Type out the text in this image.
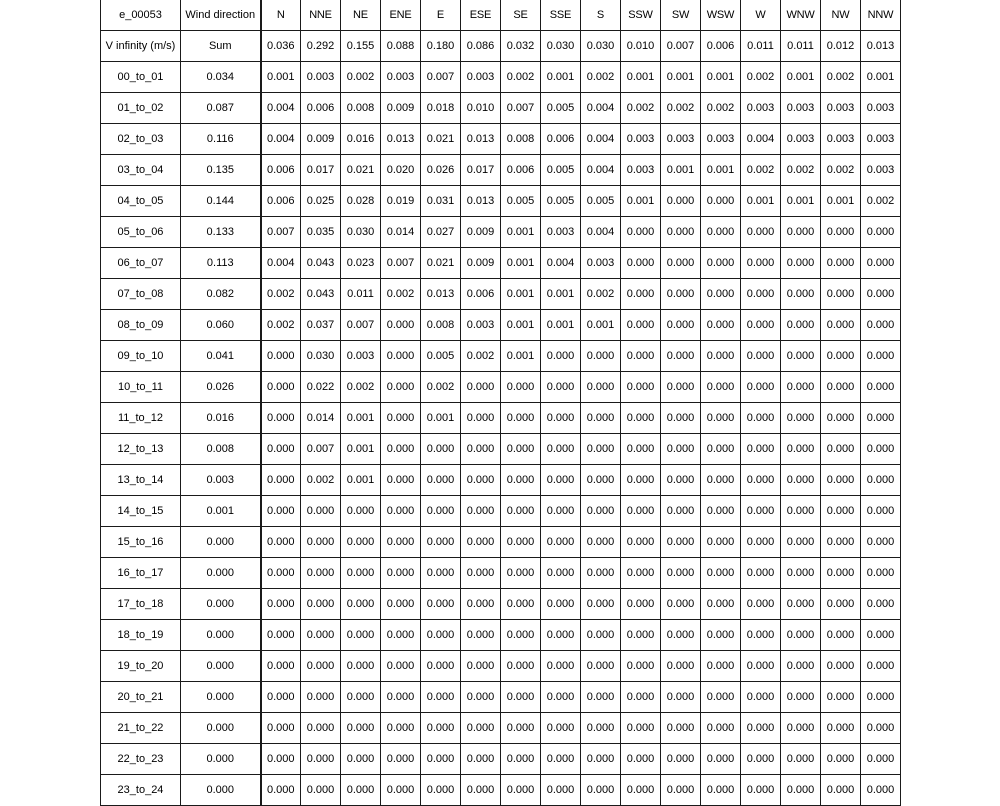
e_00053	Wind direction	N	NNE	NE	ENE	E	ESE	SE	SSE	S	SSW	SW	WSW	W	WNW	NW	NNW
V infinity (m/s)	Sum	0.036	0.292	0.155	0.088	0.180	0.086	0.032	0.030	0.030	0.010	0.007	0.006	0.011	0.011	0.012	0.013
00_to_01	0.034	0.001	0.003	0.002	0.003	0.007	0.003	0.002	0.001	0.002	0.001	0.001	0.001	0.002	0.001	0.002	0.001
01_to_02	0.087	0.004	0.006	0.008	0.009	0.018	0.010	0.007	0.005	0.004	0.002	0.002	0.002	0.003	0.003	0.003	0.003
02_to_03	0.116	0.004	0.009	0.016	0.013	0.021	0.013	0.008	0.006	0.004	0.003	0.003	0.003	0.004	0.003	0.003	0.003
03_to_04	0.135	0.006	0.017	0.021	0.020	0.026	0.017	0.006	0.005	0.004	0.003	0.001	0.001	0.002	0.002	0.002	0.003
04_to_05	0.144	0.006	0.025	0.028	0.019	0.031	0.013	0.005	0.005	0.005	0.001	0.000	0.000	0.001	0.001	0.001	0.002
05_to_06	0.133	0.007	0.035	0.030	0.014	0.027	0.009	0.001	0.003	0.004	0.000	0.000	0.000	0.000	0.000	0.000	0.000
06_to_07	0.113	0.004	0.043	0.023	0.007	0.021	0.009	0.001	0.004	0.003	0.000	0.000	0.000	0.000	0.000	0.000	0.000
07_to_08	0.082	0.002	0.043	0.011	0.002	0.013	0.006	0.001	0.001	0.002	0.000	0.000	0.000	0.000	0.000	0.000	0.000
08_to_09	0.060	0.002	0.037	0.007	0.000	0.008	0.003	0.001	0.001	0.001	0.000	0.000	0.000	0.000	0.000	0.000	0.000
09_to_10	0.041	0.000	0.030	0.003	0.000	0.005	0.002	0.001	0.000	0.000	0.000	0.000	0.000	0.000	0.000	0.000	0.000
10_to_11	0.026	0.000	0.022	0.002	0.000	0.002	0.000	0.000	0.000	0.000	0.000	0.000	0.000	0.000	0.000	0.000	0.000
11_to_12	0.016	0.000	0.014	0.001	0.000	0.001	0.000	0.000	0.000	0.000	0.000	0.000	0.000	0.000	0.000	0.000	0.000
12_to_13	0.008	0.000	0.007	0.001	0.000	0.000	0.000	0.000	0.000	0.000	0.000	0.000	0.000	0.000	0.000	0.000	0.000
13_to_14	0.003	0.000	0.002	0.001	0.000	0.000	0.000	0.000	0.000	0.000	0.000	0.000	0.000	0.000	0.000	0.000	0.000
14_to_15	0.001	0.000	0.000	0.000	0.000	0.000	0.000	0.000	0.000	0.000	0.000	0.000	0.000	0.000	0.000	0.000	0.000
15_to_16	0.000	0.000	0.000	0.000	0.000	0.000	0.000	0.000	0.000	0.000	0.000	0.000	0.000	0.000	0.000	0.000	0.000
16_to_17	0.000	0.000	0.000	0.000	0.000	0.000	0.000	0.000	0.000	0.000	0.000	0.000	0.000	0.000	0.000	0.000	0.000
17_to_18	0.000	0.000	0.000	0.000	0.000	0.000	0.000	0.000	0.000	0.000	0.000	0.000	0.000	0.000	0.000	0.000	0.000
18_to_19	0.000	0.000	0.000	0.000	0.000	0.000	0.000	0.000	0.000	0.000	0.000	0.000	0.000	0.000	0.000	0.000	0.000
19_to_20	0.000	0.000	0.000	0.000	0.000	0.000	0.000	0.000	0.000	0.000	0.000	0.000	0.000	0.000	0.000	0.000	0.000
20_to_21	0.000	0.000	0.000	0.000	0.000	0.000	0.000	0.000	0.000	0.000	0.000	0.000	0.000	0.000	0.000	0.000	0.000
21_to_22	0.000	0.000	0.000	0.000	0.000	0.000	0.000	0.000	0.000	0.000	0.000	0.000	0.000	0.000	0.000	0.000	0.000
22_to_23	0.000	0.000	0.000	0.000	0.000	0.000	0.000	0.000	0.000	0.000	0.000	0.000	0.000	0.000	0.000	0.000	0.000
23_to_24	0.000	0.000	0.000	0.000	0.000	0.000	0.000	0.000	0.000	0.000	0.000	0.000	0.000	0.000	0.000	0.000	0.000
